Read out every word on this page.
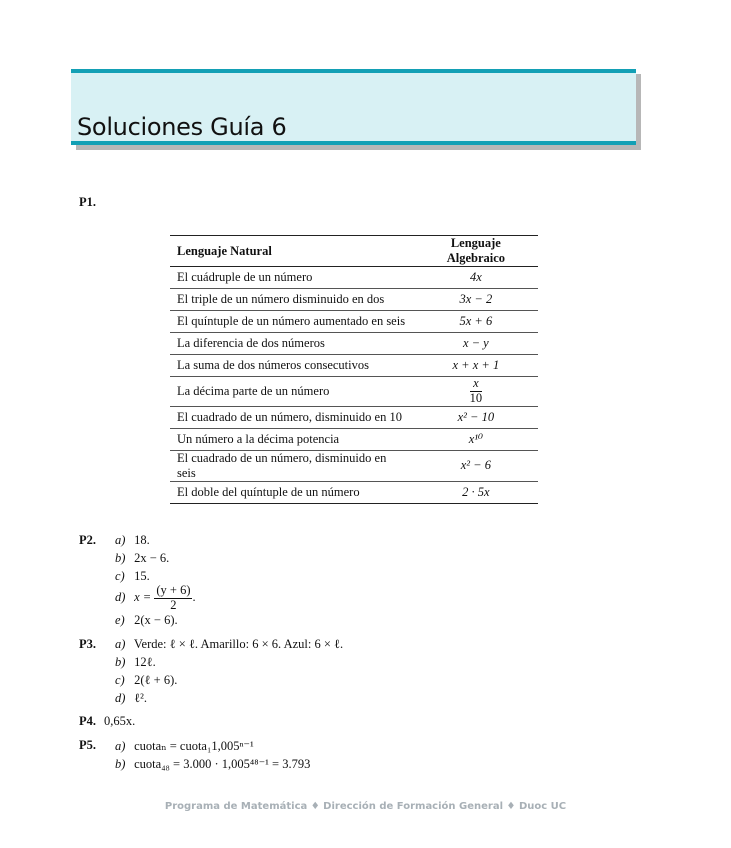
Soluciones Guía 6
P1.
Lenguaje Natural	Lenguaje Algebraico
El cuádruple de un número	4x
El triple de un número disminuido en dos	3x − 2
El quíntuple de un número aumentado en seis	5x + 6
La diferencia de dos números	x − y
La suma de dos números consecutivos	x + x + 1
La décima parte de un número	$\frac{x}{10}$

El cuadrado de un número, disminuido en 10	x² − 10
Un número a la décima potencia	x¹⁰
El cuadrado de un número, disminuido en seis	x² − 6
El doble del quíntuple de un número	2 · 5x
P2. a) 18.
b) 2x − 6.
c) 15.
d) $x = \frac{(y + 6)}{2}$ .
e) 2(x − 6).
P3. a) Verde: ℓ × ℓ. Amarillo: 6 × 6. Azul: 6 × ℓ.
b) 12ℓ.
c) 2(ℓ + 6).
d) ℓ².
P4. 0,65x.
P5. a) cuotaₙ = cuota₁1,005ⁿ⁻¹
b) cuota₄₈ = 3.000 · 1,005⁴⁸⁻¹ = 3.793
Programa de Matemática ♦ Dirección de Formación General ♦ Duoc UC
